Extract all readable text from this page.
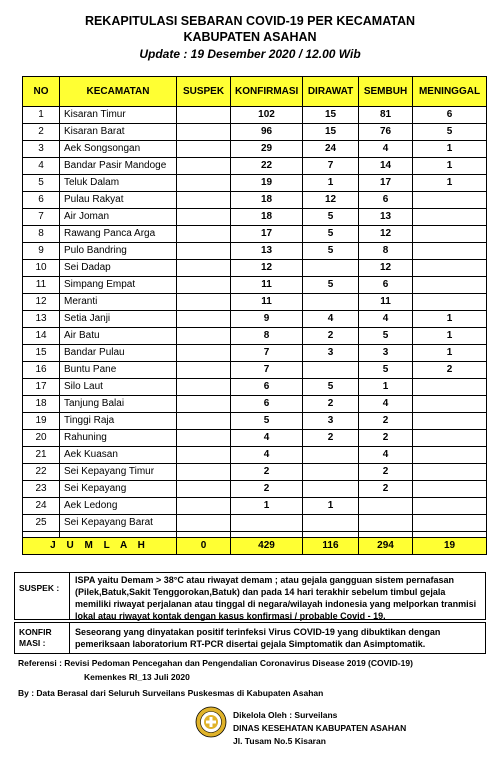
REKAPITULASI SEBARAN COVID-19 PER KECAMATAN
KABUPATEN ASAHAN
Update : 19 Desember 2020 / 12.00 Wib
NO	KECAMATAN	SUSPEK	KONFIRMASI	DIRAWAT	SEMBUH	MENINGGAL
1	Kisaran Timur		102	15	81	6
2	Kisaran Barat		96	15	76	5
3	Aek Songsongan		29	24	4	1
4	Bandar Pasir Mandoge		22	7	14	1
5	Teluk Dalam		19	1	17	1
6	Pulau Rakyat		18	12	6	
7	Air Joman		18	5	13	
8	Rawang Panca Arga		17	5	12	
9	Pulo Bandring		13	5	8	
10	Sei Dadap		12		12	
11	Simpang Empat		11	5	6	
12	Meranti		11		11	
13	Setia Janji		9	4	4	1
14	Air Batu		8	2	5	1
15	Bandar Pulau		7	3	3	1
16	Buntu Pane		7		5	2
17	Silo Laut		6	5	1	
18	Tanjung Balai		6	2	4	
19	Tinggi Raja		5	3	2	
20	Rahuning		4	2	2	
21	Aek Kuasan		4		4	
22	Sei Kepayang Timur		2		2	
23	Sei Kepayang		2		2	
24	Aek Ledong		1	1		
25	Sei Kepayang Barat					

J U M L A H		0	429	116	294	19
SUSPEK :
ISPA yaitu Demam > 38°C atau riwayat demam ; atau gejala gangguan sistem pernafasan (Pilek,Batuk,Sakit Tenggorokan,Batuk) dan pada 14 hari terakhir sebelum timbul gejala memiliki riwayat perjalanan atau tinggal di negara/wilayah indonesia yang melporkan tranmisi lokal atau riwayat kontak dengan kasus konfirmasi / probable Covid - 19.
KONFIR MASI :
Seseorang yang dinyatakan positif terinfeksi Virus COVID-19 yang dibuktikan dengan pemeriksaan laboratorium RT-PCR disertai gejala Simptomatik dan Asimptomatik.
Referensi : Revisi Pedoman Pencegahan dan Pengendalian Coronavirus Disease 2019 (COVID-19)
Kemenkes RI_13 Juli 2020
By : Data Berasal dari Seluruh Surveilans Puskesmas di Kabupaten Asahan
Dikelola Oleh : Surveilans
DINAS KESEHATAN KABUPATEN ASAHAN
Jl. Tusam No.5 Kisaran
